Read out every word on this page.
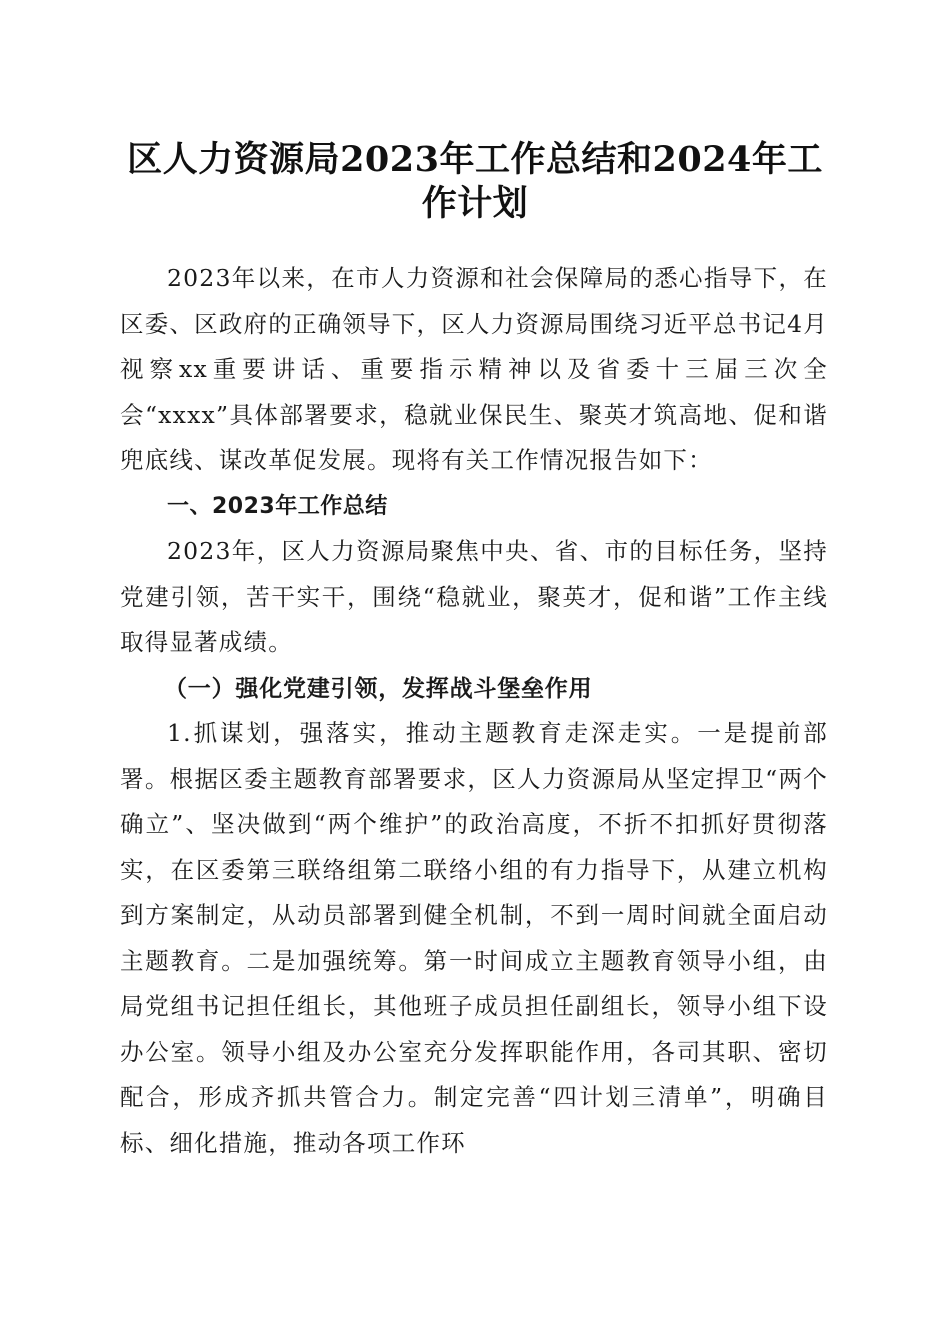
区人力资源局2023年工作总结和2024年工作计划

2023年以来，在市人力资源和社会保障局的悉心指导下，在区委、区政府的正确领导下，区人力资源局围绕习近平总书记4月视察xx重要讲话、重要指示精神以及省委十三届三次全会“xxxx”具体部署要求，稳就业保民生、聚英才筑高地、促和谐兜底线、谋改革促发展。现将有关工作情况报告如下：

一、2023年工作总结

2023年，区人力资源局聚焦中央、省、市的目标任务，坚持党建引领，苦干实干，围绕“稳就业，聚英才，促和谐”工作主线取得显著成绩。

（一）强化党建引领，发挥战斗堡垒作用

1.抓谋划，强落实，推动主题教育走深走实。一是提前部署。根据区委主题教育部署要求，区人力资源局从坚定捍卫“两个确立”、坚决做到“两个维护”的政治高度，不折不扣抓好贯彻落实，在区委第三联络组第二联络小组的有力指导下，从建立机构到方案制定，从动员部署到健全机制，不到一周时间就全面启动主题教育。二是加强统筹。第一时间成立主题教育领导小组，由局党组书记担任组长，其他班子成员担任副组长，领导小组下设办公室。领导小组及办公室充分发挥职能作用，各司其职、密切配合，形成齐抓共管合力。制定完善“四计划三清单”，明确目标、细化措施，推动各项工作环
